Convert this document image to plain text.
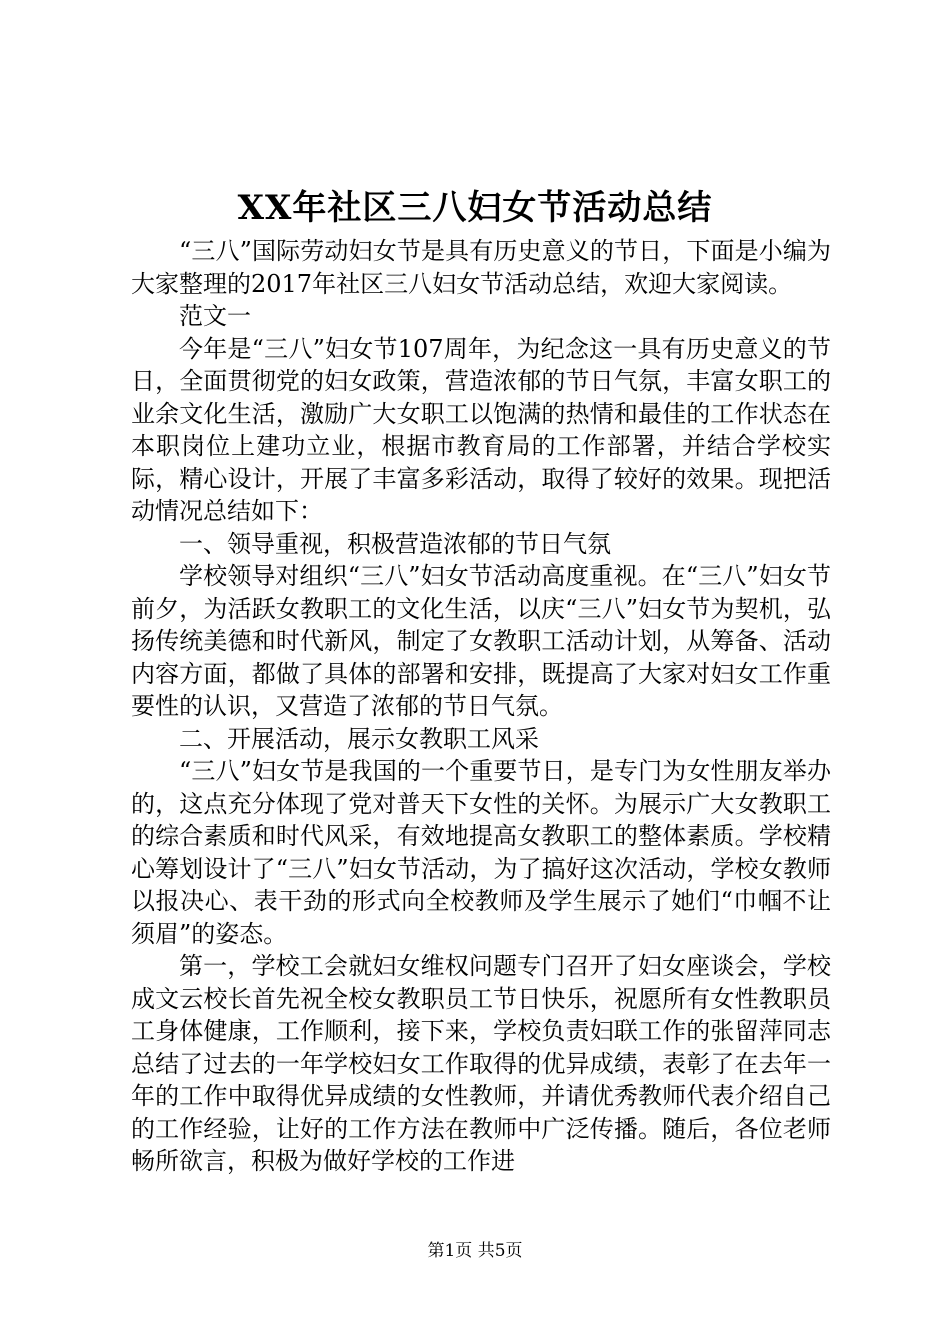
XX年社区三八妇女节活动总结

“三八”国际劳动妇女节是具有历史意义的节日，下面是小编为大家整理的2017年社区三八妇女节活动总结，欢迎大家阅读。

范文一

今年是“三八”妇女节107周年，为纪念这一具有历史意义的节日，全面贯彻党的妇女政策，营造浓郁的节日气氛，丰富女职工的业余文化生活，激励广大女职工以饱满的热情和最佳的工作状态在本职岗位上建功立业，根据市教育局的工作部署，并结合学校实际，精心设计，开展了丰富多彩活动，取得了较好的效果。现把活动情况总结如下：

一、领导重视，积极营造浓郁的节日气氛

学校领导对组织“三八”妇女节活动高度重视。在“三八”妇女节前夕，为活跃女教职工的文化生活，以庆“三八”妇女节为契机，弘扬传统美德和时代新风，制定了女教职工活动计划，从筹备、活动内容方面，都做了具体的部署和安排，既提高了大家对妇女工作重要性的认识，又营造了浓郁的节日气氛。

二、开展活动，展示女教职工风采

“三八”妇女节是我国的一个重要节日，是专门为女性朋友举办的，这点充分体现了党对普天下女性的关怀。为展示广大女教职工的综合素质和时代风采，有效地提高女教职工的整体素质。学校精心筹划设计了“三八”妇女节活动，为了搞好这次活动，学校女教师以报决心、表干劲的形式向全校教师及学生展示了她们“巾帼不让须眉”的姿态。

第一，学校工会就妇女维权问题专门召开了妇女座谈会，学校成文云校长首先祝全校女教职员工节日快乐，祝愿所有女性教职员工身体健康，工作顺利，接下来，学校负责妇联工作的张留萍同志总结了过去的一年学校妇女工作取得的优异成绩，表彰了在去年一年的工作中取得优异成绩的女性教师，并请优秀教师代表介绍自己的工作经验，让好的工作方法在教师中广泛传播。随后，各位老师畅所欲言，积极为做好学校的工作进

第1页 共5页
